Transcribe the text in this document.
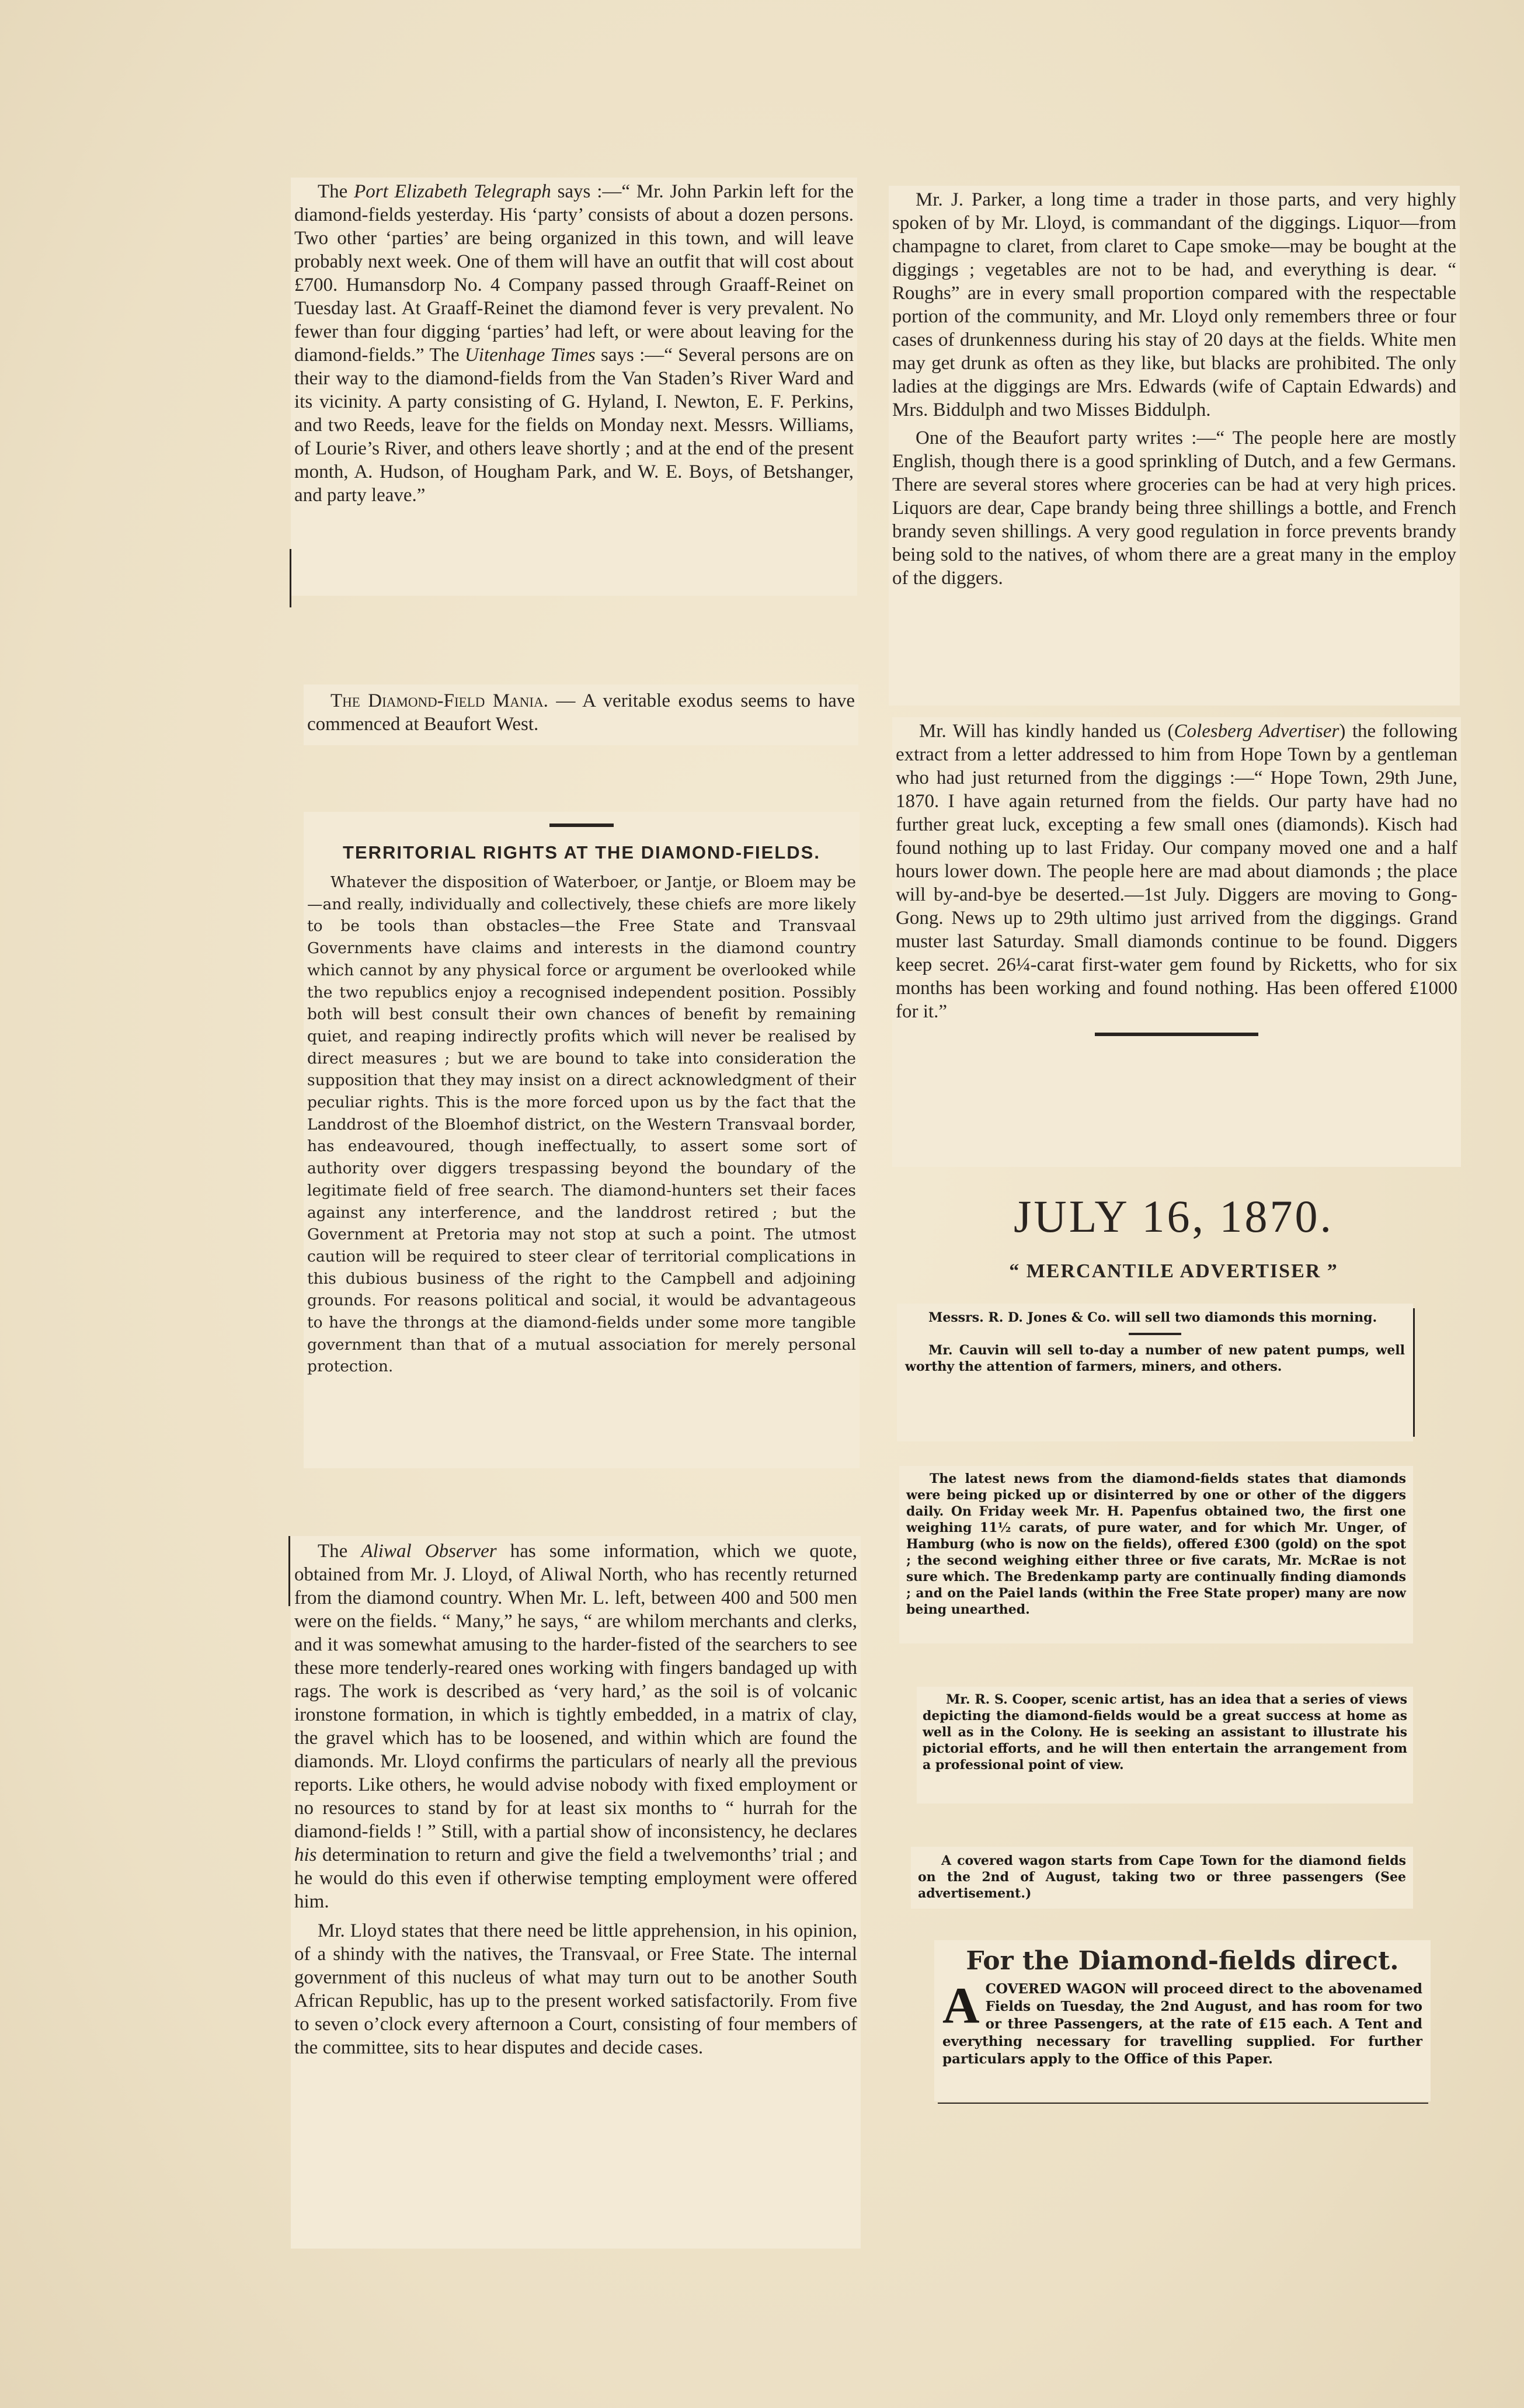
The Port Elizabeth Telegraph says :—“ Mr. John Parkin left for the diamond-fields yesterday. His ‘party’ consists of about a dozen persons. Two other ‘parties’ are being organized in this town, and will leave probably next week. One of them will have an outfit that will cost about £700. Humansdorp No. 4 Company passed through Graaff-Reinet on Tuesday last. At Graaff-Reinet the diamond fever is very prevalent. No fewer than four digging ‘parties’ had left, or were about leaving for the diamond-fields.” The Uitenhage Times says :—“ Several persons are on their way to the diamond-fields from the Van Staden’s River Ward and its vicinity. A party consisting of G. Hyland, I. Newton, E. F. Perkins, and two Reeds, leave for the fields on Monday next. Messrs. Williams, of Lourie’s River, and others leave shortly ; and at the end of the present month, A. Hudson, of Hougham Park, and W. E. Boys, of Betshanger, and party leave.”

The Diamond-Field Mania. — A veritable exodus seems to have commenced at Beaufort West.

TERRITORIAL RIGHTS AT THE DIAMOND-FIELDS.

Whatever the disposition of Waterboer, or Jantje, or Bloem may be—and really, individually and collectively, these chiefs are more likely to be tools than obstacles—the Free State and Transvaal Governments have claims and interests in the diamond country which cannot by any physical force or argument be overlooked while the two republics enjoy a recognised independent position. Possibly both will best consult their own chances of benefit by remaining quiet, and reaping indirectly profits which will never be realised by direct measures ; but we are bound to take into consideration the supposition that they may insist on a direct acknowledgment of their peculiar rights. This is the more forced upon us by the fact that the Landdrost of the Bloemhof district, on the Western Transvaal border, has endeavoured, though ineffectually, to assert some sort of authority over diggers trespassing beyond the boundary of the legitimate field of free search. The diamond-hunters set their faces against any interference, and the landdrost retired ; but the Government at Pretoria may not stop at such a point. The utmost caution will be required to steer clear of territorial complications in this dubious business of the right to the Campbell and adjoining grounds. For reasons political and social, it would be advantageous to have the throngs at the diamond-fields under some more tangible government than that of a mutual association for merely personal protection.

The Aliwal Observer has some information, which we quote, obtained from Mr. J. Lloyd, of Aliwal North, who has recently returned from the diamond country. When Mr. L. left, between 400 and 500 men were on the fields. “ Many,” he says, “ are whilom merchants and clerks, and it was somewhat amusing to the harder-fisted of the searchers to see these more tenderly-reared ones working with fingers bandaged up with rags. The work is described as ‘very hard,’ as the soil is of volcanic ironstone formation, in which is tightly embedded, in a matrix of clay, the gravel which has to be loosened, and within which are found the diamonds. Mr. Lloyd confirms the particulars of nearly all the previous reports. Like others, he would advise nobody with fixed employment or no resources to stand by for at least six months to “ hurrah for the diamond-fields ! ” Still, with a partial show of inconsistency, he declares his determination to return and give the field a twelvemonths’ trial ; and he would do this even if otherwise tempting employment were offered him.

Mr. Lloyd states that there need be little apprehension, in his opinion, of a shindy with the natives, the Transvaal, or Free State. The internal government of this nucleus of what may turn out to be another South African Republic, has up to the present worked satisfactorily. From five to seven o’clock every afternoon a Court, consisting of four members of the committee, sits to hear disputes and decide cases.

Mr. J. Parker, a long time a trader in those parts, and very highly spoken of by Mr. Lloyd, is commandant of the diggings. Liquor—from champagne to claret, from claret to Cape smoke—may be bought at the diggings ; vegetables are not to be had, and everything is dear. “ Roughs” are in every small proportion compared with the respectable portion of the community, and Mr. Lloyd only remembers three or four cases of drunkenness during his stay of 20 days at the fields. White men may get drunk as often as they like, but blacks are prohibited. The only ladies at the diggings are Mrs. Edwards (wife of Captain Edwards) and Mrs. Biddulph and two Misses Biddulph.

One of the Beaufort party writes :—“ The people here are mostly English, though there is a good sprinkling of Dutch, and a few Germans. There are several stores where groceries can be had at very high prices. Liquors are dear, Cape brandy being three shillings a bottle, and French brandy seven shillings. A very good regulation in force prevents brandy being sold to the natives, of whom there are a great many in the employ of the diggers.

Mr. Will has kindly handed us (Colesberg Advertiser) the following extract from a letter addressed to him from Hope Town by a gentleman who had just returned from the diggings :—“ Hope Town, 29th June, 1870. I have again returned from the fields. Our party have had no further great luck, excepting a few small ones (diamonds). Kisch had found nothing up to last Friday. Our company moved one and a half hours lower down. The people here are mad about diamonds ; the place will by-and-bye be deserted.—1st July. Diggers are moving to Gong-Gong. News up to 29th ultimo just arrived from the diggings. Grand muster last Saturday. Small diamonds continue to be found. Diggers keep secret. 26¼-carat first-water gem found by Ricketts, who for six months has been working and found nothing. Has been offered £1000 for it.”

JULY 16, 1870.
“ MERCANTILE ADVERTISER ”

Messrs. R. D. Jones & Co. will sell two diamonds this morning.

Mr. Cauvin will sell to-day a number of new patent pumps, well worthy the attention of farmers, miners, and others.

The latest news from the diamond-fields states that diamonds were being picked up or disinterred by one or other of the diggers daily. On Friday week Mr. H. Papenfus obtained two, the first one weighing 11½ carats, of pure water, and for which Mr. Unger, of Hamburg (who is now on the fields), offered £300 (gold) on the spot ; the second weighing either three or five carats, Mr. McRae is not sure which. The Bredenkamp party are continually finding diamonds ; and on the Paiel lands (within the Free State proper) many are now being unearthed.

Mr. R. S. Cooper, scenic artist, has an idea that a series of views depicting the diamond-fields would be a great success at home as well as in the Colony. He is seeking an assistant to illustrate his pictorial efforts, and he will then entertain the arrangement from a professional point of view.

A covered wagon starts from Cape Town for the diamond fields on the 2nd of August, taking two or three passengers (See advertisement.)

For the Diamond-fields direct.

ACOVERED WAGON will proceed direct to the abovenamed Fields on Tuesday, the 2nd August, and has room for two or three Passengers, at the rate of £15 each. A Tent and everything necessary for travelling supplied. For further particulars apply to the Office of this Paper.
